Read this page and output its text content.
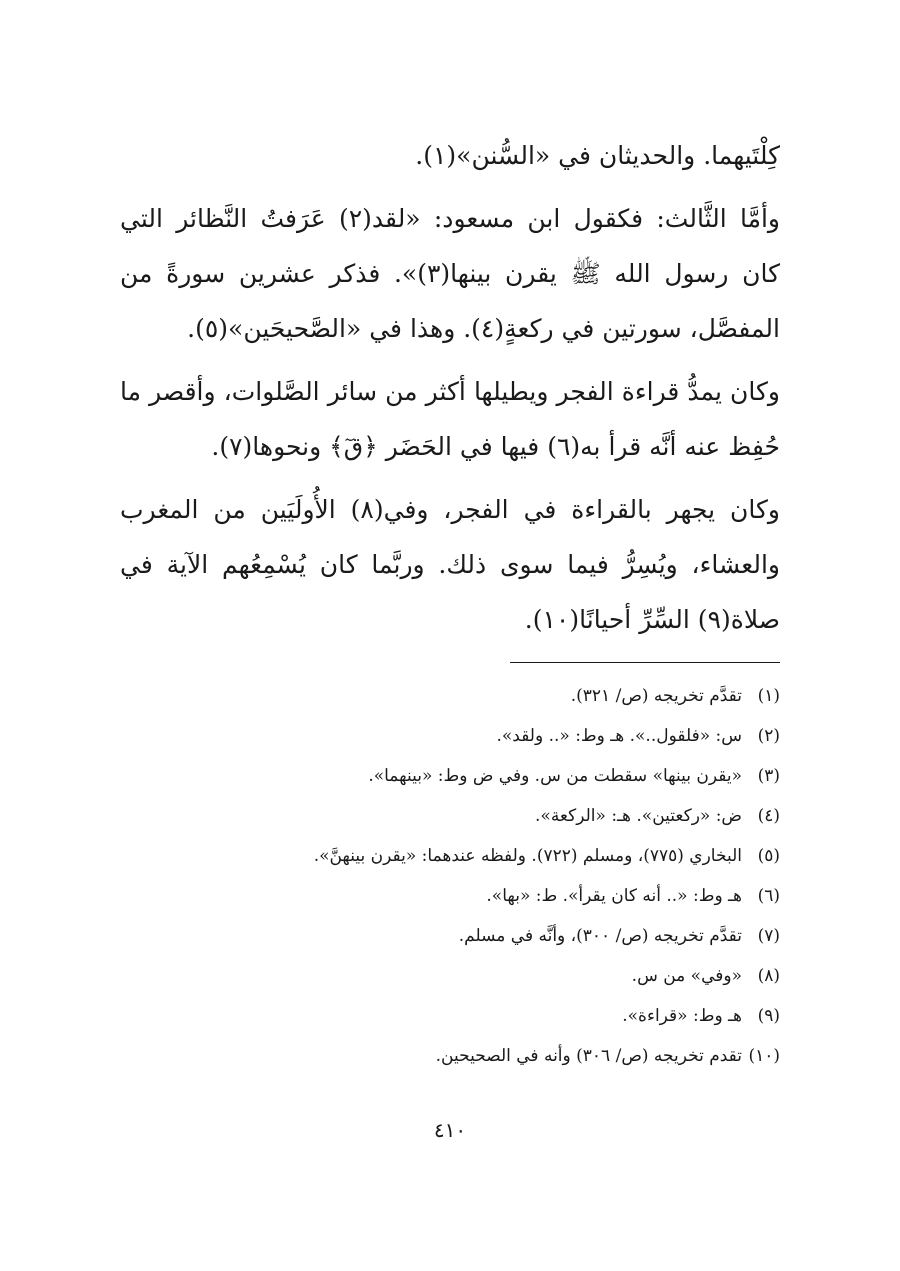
كِلْتَيهما. والحديثان في «السُّنن»(١).

وأمَّا الثَّالث: فكقول ابن مسعود: «لقد(٢) عَرَفتُ النَّظائر التي كان رسول الله ﷺ يقرن بينها(٣)». فذكر عشرين سورةً من المفصَّل، سورتين في ركعةٍ(٤). وهذا في «الصَّحيحَين»(٥).

وكان يمدُّ قراءة الفجر ويطيلها أكثر من سائر الصَّلوات، وأقصر ما حُفِظ عنه أنَّه قرأ به(٦) فيها في الحَضَر ﴿قٓ﴾ ونحوها(٧).

وكان يجهر بالقراءة في الفجر، وفي(٨) الأُولَيَين من المغرب والعشاء، ويُسِرُّ فيما سوى ذلك. وربَّما كان يُسْمِعُهم الآية في صلاة(٩) السِّرِّ أحيانًا(١٠).

(١)تقدَّم تخريجه (ص/ ٣٢١).
(٢)س: «فلقول..». هـ وط: «.. ولقد».
(٣)«يقرن بينها» سقطت من س. وفي ض وط: «بينهما».
(٤)ض: «ركعتين». هـ: «الركعة».
(٥)البخاري (٧٧٥)، ومسلم (٧٢٢). ولفظه عندهما: «يقرن بينهنَّ».
(٦)هـ وط: «.. أنه كان يقرأ». ط: «بها».
(٧)تقدَّم تخريجه (ص/ ٣٠٠)، وأنَّه في مسلم.
(٨)«وفي» من س.
(٩)هـ وط: «قراءة».
(١٠)تقدم تخريجه (ص/ ٣٠٦) وأنه في الصحيحين.
٤١٠
